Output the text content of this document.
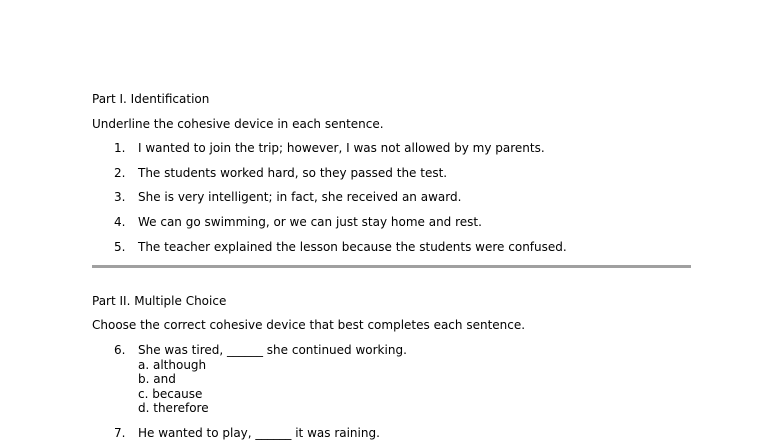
Part I. Identification
Underline the cohesive device in each sentence.
1. I wanted to join the trip; however, I was not allowed by my parents.
2. The students worked hard, so they passed the test.
3. She is very intelligent; in fact, she received an award.
4. We can go swimming, or we can just stay home and rest.
5. The teacher explained the lesson because the students were confused.
Part II. Multiple Choice
Choose the correct cohesive device that best completes each sentence.
6. She was tired, ______ she continued working.
a. although
b. and
c. because
d. therefore
7. He wanted to play, ______ it was raining.
